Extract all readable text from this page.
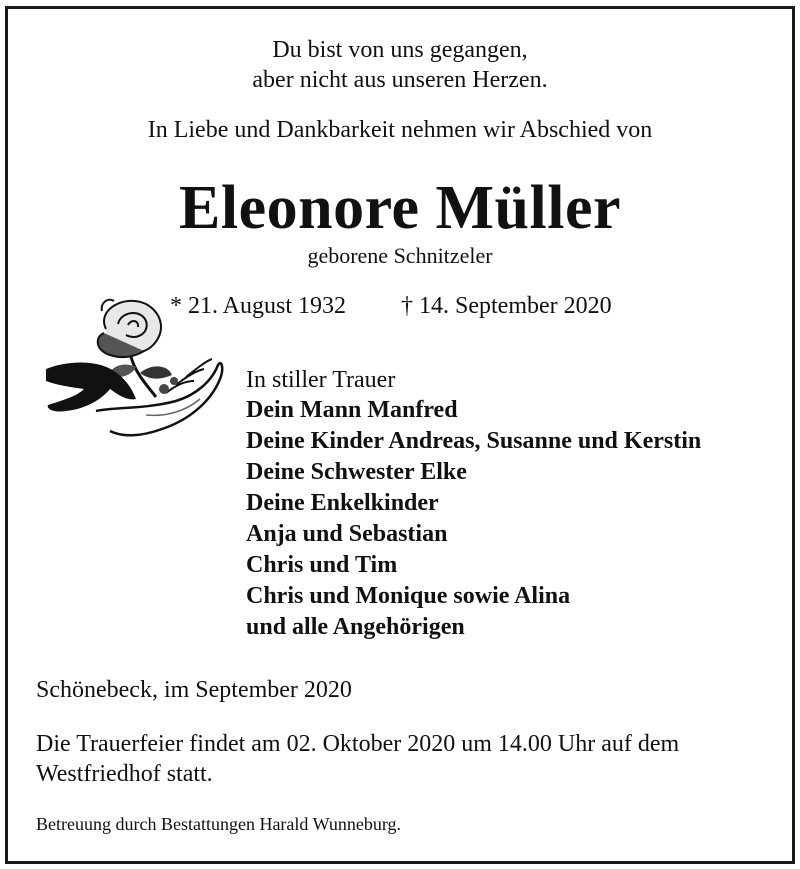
Du bist von uns gegangen,
aber nicht aus unseren Herzen.
In Liebe und Dankbarkeit nehmen wir Abschied von
Eleonore Müller
geborene Schnitzeler
* 21. August 1932 † 14. September 2020
In stiller Trauer
Dein Mann Manfred
Deine Kinder Andreas, Susanne und Kerstin
Deine Schwester Elke
Deine Enkelkinder
Anja und Sebastian
Chris und Tim
Chris und Monique sowie Alina
und alle Angehörigen
Schönebeck, im September 2020
Die Trauerfeier findet am 02. Oktober 2020 um 14.00 Uhr auf dem
Westfriedhof statt.
Betreuung durch Bestattungen Harald Wunneburg.
